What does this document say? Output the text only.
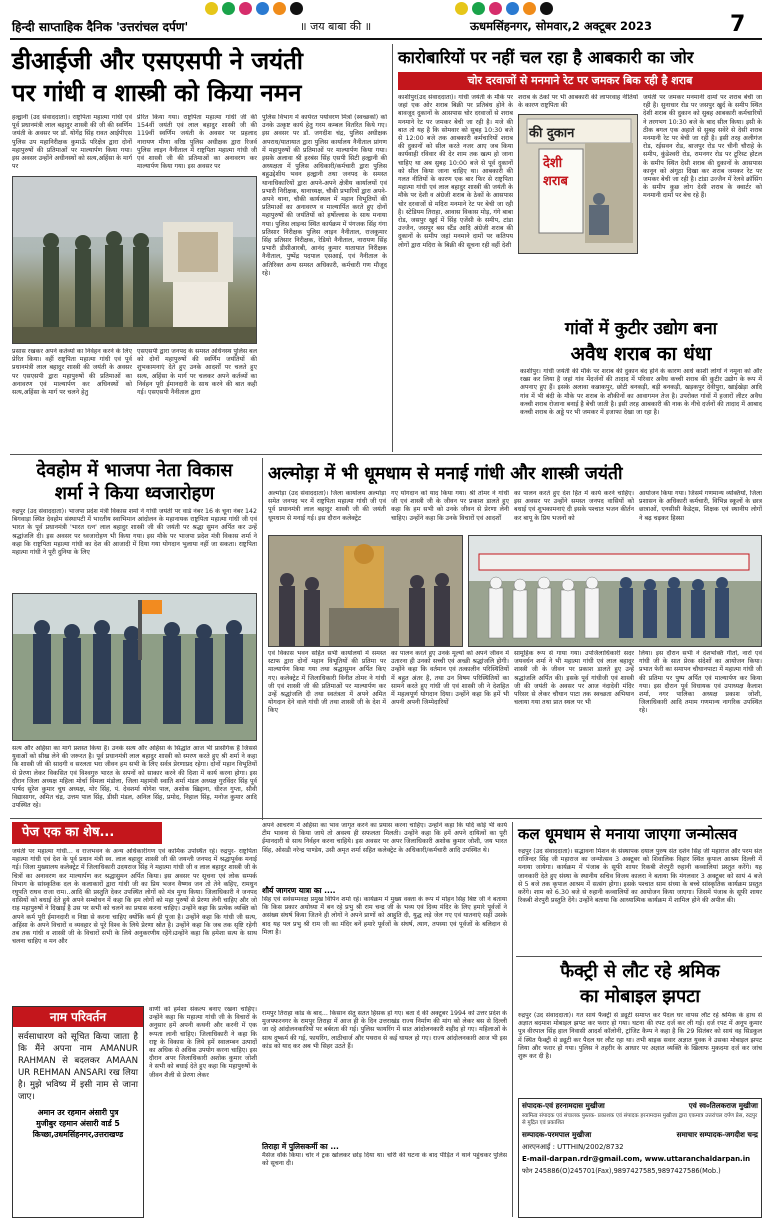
हिन्दी साप्ताहिक दैनिक 'उत्तरांचल दर्पण'	॥ जय बाबा की ॥	ऊधमसिंहनगर, सोमवार,2 अक्टूबर 2023	7
डीआईजी और एसएसपी ने जयंती
पर गांधी व शास्त्री को किया नमन
हल्द्वानी (उद संवाददाता)। राष्ट्रपिता महात्मा गांधी एवं पूर्व प्रधानमंत्री लाल बहादुर शास्त्री की जी की स्वर्णिम जयंती के अवसर पर डॉ. योगेंद्र सिंह रावत आईपीएस पुलिस उप महानिरीक्षक कुमाऊँ परिक्षेत्र द्वारा दोनों महापुरुषों की प्रतिमाओं पर माल्यार्पण किया गया। इस अवसर उन्होंने अधीनस्थों को सत्य,अहिंसा के मार्ग पर
प्रेरित किया गया। राष्ट्रपिता महात्मा गांधी जी की 154वीं जयंती एवं लाल बहादुर शास्त्री जी की 119वीं स्वर्णिम जयंती के अवसर पर प्रहलाद नारायण मीणा वरिष्ठ पुलिस अधीक्षक द्वारा रिजर्व पुलिस लाइन नैनीताल में राष्ट्रपिता महात्मा गांधी जी एवं शास्त्री जी की प्रतिमाओं का अनावरण कर माल्यार्पण किया गया। इस अवसर पर
पुलिस विभाग में कार्यरत पर्यावरण मित्रों (स्वच्छकों) को उनके उत्कृष्ट कार्य हेतु गरम कम्बल वितरित किये गए। इस अवसर पर डॉ. जगदीश चंद्र, पुलिस अधीक्षक अपराध/यातायात द्वारा पुलिस कार्यालय नैनीताल प्रांगण में महापुरुषों की प्रतिमाओं पर माल्यार्पण किया गया। इसके अलावा श्री हरबंस सिंह एसपी सिटी हल्द्वानी की अध्यक्षता में पुलिस अधिकारी/कर्मचारी द्वारा पुलिस बहुउद्देशीय भवन हल्द्वानी तथा जनपद के समस्त थानाधिकारियों द्वारा अपने-अपने क्षेत्रीय कार्यालयों एवं प्रभारी निरीक्षक, थानाध्यक्ष, चौकी प्रभारियों द्वारा अपने-अपने थाना, चौकी कार्यस्थल में महान विभूतियों की प्रतिमाओं का अनावरण व माल्यार्पित करते हुए दोनों महापुरुषों की जयंतियों को हर्षोल्लास के साथ मनाया गया। पुलिस लाइन्स स्थित कार्यक्रम में पंगजक सिंह गंगा प्रतिसार निरीक्षक पुलिस लाइन नैनीताल, राजकुमार सिंह प्रतिसार निरीक्षक, रेडियो नैनीताल, नारायण सिंह प्रभारी डीसीआरबी, आनंद कुमार यातायात निरीक्षक नैनीताल, पुष्पेंद्र पदपाल एसआई, एवं नैनीताल के अतिरिक्त अन्य समस्त अधिकारी, कर्मचारी गण मौजूद रहे।
प्रसास रखकर अपने कर्तव्यों का निर्वहन करने के लिए प्रेरित किया। वहीं राष्ट्रपिता महात्मा गांधी एवं पूर्व प्रधानमंत्री लाल बहादुर शास्त्री की जयंती के अवसर पर एसएसपी द्वारा महापुरुषों की प्रतिमाओं का अनावरण एवं माल्यार्पण कर अधिनस्थों को सत्य,अहिंसा के मार्ग पर चलने हेतु
एसएसपी द्वारा जनपद के समस्त अधिनस्थ पुलिस बल को दोनों महापुरुषों की स्वर्णिम जयंतियों की शुभकामनाएं देते हुए उनके आदर्शों पर चलते हुए सत्य, अहिंसा के मार्ग पर चलकर अपने कर्तव्यों का निर्वहन पूरी ईमानदारी के साथ करने की बात कही गई। एसएसपी नैनीताल द्वारा
कारोबारियों पर नहीं चल रहा है आबकारी का जोर
चोर दरवाजों से मनमाने रेट पर जमकर बिक रही है शराब
शराब के ठेकों पर भी आबकारी की लापरवाह नीतियों के कारण राष्ट्रपिता की
की दुकान
देशी शराब
काशीपुर(उद संवाददाता)। गांधी जयंती के मौके पर जहां एक ओर शराब बिक्री पर प्रतिबंध होने के बावजूद दुकानों के आसपास चोर दरवाजों से शराब मनमाने रेट पर जमकर बेची जा रही है। मजे की बात तो यह है कि सोमवार को सुबह 10:30 बजे से 12:00 बजे तक आबकारी कर्मचारियों शराब की दुकानों को सील करते नजर आए जब किया कार्यवाही रविवार की देर शाम तक खत्म हो जाना चाहिए था अब सुबह 10:00 बजे से पूर्व दुकानों को सील किया जाना चाहिए था। आबकारी की गलत नीतियों के कारण एक बार फिर से राष्ट्रपिता महात्मा गांधी एवं लाल बहादुर शास्त्री की जयंती के मौके पर देशी व अंग्रेजी शराब के ठेकों के आसपास चोर दरवाजों से मदिरा मनमाने रेट पर बेची जा रही है। स्टेडियम तिराहा, आवास विकास मोड़, गंगे बाबा रोड, जसपुर खुर्द में सिंह एजेंसी के समीप, टांडा उज्जैन, जसपुर बस स्टैंड आदि अंग्रेजी शराब की दुकानों के समीप जहां मनमाने दामों पर कतिपय लोगों द्वारा मदिरा के बिक्री की सूचना रही वहीं देशी
जयंती पर जमकर मनमानी दामों पर शराब बेची जा रही है। सुनाधार रोड पर जसपुर खुर्द के समीप स्थित देशी शराब की दुकान को सुबह आबकारी कर्मचारियों ने तरगभग 10:30 बजे के बाद सील किया। इसी के ठीक बगल एक अहाते से सुबह सवेरे से देसी शराब मनमानी रेट पर बेची जा रही है। इसी तरह अलीगंज रोड, रईसवन रोड, बाजपुर रोड पर चीनी चौराहे के समीप, कुंडेश्वरी रोड, रामनगर रोड पर टूरिस्ट होटल के समीप स्थित देसी शराब की दुकानों के आसपास कानून को अंगूठा दिखा कर शराब जमकर रेट पर जमकर बेची जा रही है। टांडा उज्जैन में रेलवे क्रॉसिंग के समीप कुछ लोग देसी शराब के क्वार्टर को मनमानी दामों पर बेच रहे हैं।
गांवों में कुटीर उद्योग बना
अवैध शराब का धंधा
काशीपुर। गांधी जयंती की मौके पर शराब की दुकान बंद होने के कारण आधे काशी लोगों ने नमूना को और रख्स कर लिया है जहां गांव मेंदर्जनों की तादाद में परिवार अवैध कच्ची शराब की कुटीर उद्योग के रूप में अपनाए हुए हैं। इसके अलावा कन्नाकपुर, छोटी बनकड़ी, बड़ी बनकड़ी, खड़कपुर देवीपुरा, खाईखेड़ा आदि गांव में भी बंदी के मौके पर शराब के शौकीनों का आवागमन तेज है। उपरोक्त गांवों में हजारों लीटर अवैध कच्ची शराब रोजाना बनाई है बेची जाती है। इसी तरह आबकारी की नाक के नीचे दर्जनों की तादाद में आबाद कच्ची शराब के अड्डे पर भी जमकर में इजाफा देखा जा रहा है।
देवहोम में भाजपा नेता विकास
शर्मा ने किया ध्वजारोहण
रुद्रपुर (उद संवाददाता)। भाजपा प्रदेश मंत्री विकास शर्मा ने गांधी जयंती पर वार्ड नंबर 16 के चूना नंबर 142 बिगवाड़ा स्थित देवहोम संस्थापटी में भारतीय स्वाभिमान आंदोलन के महानायक राष्ट्रपिता महात्मा गांधी जी एवं भारत के पूर्व प्रधानमंत्री 'भारत रत्न' लाल बहादुर शास्त्री जी की जयंती पर श्रद्धा सुमन अर्पित कर उन्हें श्रद्धांजलि दी। इस अवसर पर ध्वजारोहण भी किया गया। इस मौके पर भाजपा प्रदेश मंत्री विकास शर्मा ने कहा कि राष्ट्रपिता महात्मा गांधी का देश की आजादी में दिया गया योगदान भुलाया नहीं जा सकता। राष्ट्रपिता महात्मा गांधी ने पूरी दुनिया के लिए
सत्य और अहिंसा का मार्ग प्रशस्त किया है। उनके सत्य और अहिंसा के सिद्धांत आज भी प्रासंगिक हैं जिससे युवाओं को सीख लेने की जरूरत है। पूर्व प्रधानमंत्री लाल बहादुर शास्त्री को स्मरण करते हुए श्री शर्मा ने कहा कि शास्त्री जी की सादगी व सरलता भरा जीवन हम सभी के लिए सर्वत्र प्रेरणाप्रद रहेगा। दोनों महान विभूतियों से प्रेरणा लेकर विकसित एवं विश्वगुरु भारत के सपनों को साकार करने की दिशा में कार्य करना होगा। इस दौरान जिला अध्यक्ष महिला मोर्चा विमला मंडोला, जिला महामंत्री स्वाति शर्मा मंडल अध्यक्ष गुरविंदर सिंह पूर्व पार्षद सुरेश कुमार चुघ अध्यक्ष, मोर सिंह, पं. देवशर्मा योगेश पाल, अशोक खिद्दाना, धीरज गुप्ता, सौवी विद्यासागर, अमित चंद्र, उत्तम पाल सिंह, डीसी मंडल, अनिल सिंह, प्रमोद, निहाल सिंह, मनोज कुमार आदि उपस्थित रहे।
अल्मोड़ा में भी धूमधाम से मनाई गांधी और शास्त्री जयंती
अल्मोड़ा (उद संवाददाता)। जिला कार्यालय अल्मोड़ा समेत जनपद भर में राष्ट्रपिता महात्मा गांधी जी एवं पूर्व प्रधानमंत्री लाल बहादुर शास्त्री जी की जयंती धूमधाम से मनाई गई। इस दौरान कलेक्ट्रेट
गए योगदान को याद किया गया। श्री तोमर ने गांधी जी एवं शास्त्री जी के जीवन पर प्रकाश डालते हुए कहा कि हम सभी को उनके जीवन से प्रेरणा लेनी चाहिए। उन्होंने कहा कि उनके विचारों एवं आदर्शों
का पालन करते हुए देश हित में कार्य करने चाहिए। इस अवसर पर उन्होंने समस्त जनपद वासियों को बधाई एवं शुभकामनाएं दी इसके पश्चात भजन कीर्तन कर बापू के प्रिय भजनों को
आयोजन किया गया। जिसमें गणमान्य व्यक्तियों, जिला प्रशासन के अधिकारी कर्मचारी, विभिन्न स्कूलों के छात्र छात्राओं, एनसीसी कैडेट्स, शिक्षक एवं स्थानीय लोगों ने बढ़ चढ़कर हिस्सा
एवं विकास भवन सहित सभी कार्यालयों में समस्त स्टाफ द्वारा दोनों महान विभूतियों की प्रतिमा पर माल्यार्पण किया गया तथा श्रद्धासुमन अर्पित किए गए। कलेक्ट्रेट में जिलाधिकारी विनीत तोमर ने गांधी जी एवं शास्त्री जी की प्रतिमाओं पर माल्यार्पण कर उन्हें श्रद्धांजलि दी तथा स्वतंत्रता में अपने अमित योगदान देने वाले गांधी जी तथा शास्त्री जी के देश में किए
का पालन करते हुए उनके मूल्यों को अपने जीवन में उतारना ही उनको सच्ची एवं अच्छी श्रद्धांजलि होगी। उन्होंने कहा कि वर्तमान एवं तत्कालीन परिस्थितियों में बहुत अंतर है, तथा उन विषम परिस्थितियों का सामने करते हुए गांधी जी एवं शास्त्री जी ने देशहित में महत्वपूर्ण योगदान दिया। उन्होंने कहा कि हमें भी अपनी अपनी जिम्मेदारियों
सामूहिक रूप से गाया गया। उपजिलाधिकारी सदर जयवर्धन शर्मा ने भी महात्मा गांधी एवं लाल बहादुर शास्त्री जी के जीवन पर प्रकाश डालते हुए उन्हें श्रद्धांजलि अर्पित की। इसके पूर्व गांधीजी एवं शास्त्री जी की जयंती के अवसर पर आज नंदादेवी मंदिर परिसर से लेकर चौघान पाटा तक स्वच्छता अभियान चलाया गया तथा प्रात स्थल पर भी
लिया। इस दौरान सभी ने देशभक्ति गीतों, नारों एवं गांधी जी के सात प्रेरक संदेशों का आयोजन किया। प्रभात फेरी का समापन चौघानपाटा में महात्मा गांधी जी की प्रतिमा पर पुष्प अर्पित एवं माल्यार्पण कर किया गया। इस दौरान पूर्व विधायक एवं उपाध्यक्ष कैलाश शर्मा, नगर पालिका अध्यक्ष प्रकाश जोशी, जिलाधिकारी आदि तमाम गणमान्य नागरिक उपस्थित रहे।
पेज एक का शेष...
जयंती पर महात्मा गांधी... व राजभवन के अन्य अधिकारीगण एवं कार्मिक उपस्थित रहे। रुद्रपुर- राष्ट्रपिता महात्मा गांधी एवं देश के पूर्व प्रधान मंत्री स्व. लाल बहादुर शास्त्री जी की जयन्ती जनपद में श्रद्धापूर्वक मनाई गई। जिला मुख्यालय कलेक्ट्रेट में जिलाधिकारी उदयराज सिंह ने महात्मा गांधी जी व लाल बहादुर शास्त्री जी के चित्रों का अनावरण कर माल्यार्पण कर श्रद्धासुमन अर्पित किया। इस अवसर पर सूचना एवं लोक सम्पर्क विभाग के सांस्कृतिक दल के कलाकारों द्वारा गांधी जी का प्रिय भजन वैष्णव जन तो तेने कहिए, रामधुन रघुपति राघव राजा राम।..आदि की प्रस्तुति देकर उपस्थित लोगों को मंत्र मुग्ध किया। जिलाधिकारी ने जनपद वासियों को बधाई देते हुये अपने सम्बोधन में कहा कि हम लोगों को महा पुरुषों से प्रेरणा लेनी चाहिए और जो राह महापुरुषों ने दिखाई है उस पर सभी को चलने का प्रयास करना चाहिए। उन्होंने कहा कि प्रत्येक व्यक्ति को अपने कर्म पूरी ईमानदारी व निष्ठा से करना चाहिए क्योंकि कर्म ही पूजा है। उन्होंने कहा कि गांधी जी सत्य, अहिंसा के अपने विचारों व व्यवहार से पूरे विश्व के लिये प्रेरणा स्रोत है। उन्होंने कहा कि जब तक सृष्टि रहेगी तब तक गांधी व शास्त्री जी के विचारों सभी के लिये अनुकरणीय रहेंगे।उन्होंने कहा कि हमेशा सत्य के साथ चलना चाहिए व मन और
अपने आचरण में अहिंसा का भाव जागृत करने का प्रयास करना चाहिए। उन्होंने कहा कि यदि कोई भी कार्य टीम भावना से किया जाये तो अवश्य ही सफलता मिलती। उन्होंने कहा कि हमें अपने दायित्वों का पूरी ईमानदारी से साथ निर्वहन करना चाहिये। इस अवसर पर अपर जिलाधिकारी अशोक कुमार जोशी, जय भारत सिंह, ओसडी नरेन्द्र पाण्डेय, उसी अमृत शर्मा सहित कलेक्ट्रेट के अधिकारी/कर्मचारी आदि उपस्थित थे।
शौर्य जागरण यात्रा का ....
सिंह एवं सर्वसम्मवक्ष प्रमुख विपिन शर्मा रहे। कार्यक्रम में मुख्य वक्ता के रूप में मोहन सिंह बिष्ट जी ने बताया कि किस प्रकार अयोध्या में बन रहे प्रभु श्री राम चन्द्र जी के भव्य एवं दिव्य मंदिर के लिए हमारे पूर्वजों ने असंख्य संघर्ष किया जितने ही लोगों ने अपने प्राणों को आहुति दी, युद्ध लड़े जेल गए एवं यातनाएं सहीं उसके बाद यह पल प्रभु श्री राम जी का मंदिर बनें हमारे पूर्वजों के संघर्ष, त्याग, तपस्या एवं पूर्वजों के बलिदान से मिला है।
नाम परिवर्तन
सर्वसाधारण को सूचित किया जाता है कि मैंने अपना नाम AMANUR RAHMAN से बदलकर AMAAN UR REHMAN ANSARI रख लिया है। मुझे भविष्य में इसी नाम से जाना जाए।
अमान उर रहमान अंसारी पुत्र
मुजीबुर रहमान अंसारी वार्ड 5
किच्छा,उधमसिंहनगर,उत्तराखण्ड
वाणी को हमेशा संकल्प बनाए रखना चाहिए। उन्होंने कहा कि महात्मा गांधी जी के विचारों के अनुसार हमें अपनी कथनी और करनी में एक रूपता लानी चाहिए। जिलाधिकारी ने कहा कि राष्ट्र के विकास के लिये हमें स्वालम्बन उत्पादों का अधिक से अधिक उपयोग करना चाहिए। इस दौरान अपर जिलाधिकारी अशोक कुमार जोशी ने सभी को बधाई देते हुए कहा कि महापुरुषों के जीवन शैली से प्रेरणा लेकर
रामपुर तिराहा कांड के बाद... किसान सेतु सतत हिंसक हो गए। बता दें की अक्टूबर 1994 को उत्तर प्रदेश के मुजफ्फरनगर के रामपुर तिराहा में आज ही के दिन उत्तराखंड राज्य निर्माण की मांग को लेकर बस से दिल्ली जा रहे आंदोलनकारियों पर बर्बरता की गई। पुलिस फायरिंग में सात आंदोलनकारी शहीद हो गए। महिलाओं के साथ दुष्कर्म की गई, फायरिंग, लाठीचार्ज और पथराव से कई घायल हो गए। राज्य आंदोलनकारी आज भी इस कांड को याद कर अब भी सिहर उठते हैं।
तिराहा में पुलिसकर्मी का ...
मैसेज वॉर्क किया। चोर ने ट्रक खोलकर छोड़ दिया था। चोरी की घटना के बाद पीड़ित ने थाने पहुंचकर पुलिस को सूचना दी।
कल धूमधाम से मनाया जाएगा जन्मोत्सव
रुद्रपुर (उद संवाददाता)। सद्भावना मिशन के संस्थापक दयाल पुरुष संत दर्शन सिंह जी महाराज और परम संत राजिन्दर सिंह जी महाराज का जन्मोत्सव 3 अक्टूबर को शिवालिक विहार स्थित कृपाल आश्रम दिल्ली में मनाया जायेगा। कार्यक्रम में पंजाब के सूफी शायर रिकबी शेरपुरी रुहानी कव्वालियां प्रस्तुत करेंगे। यह जानकारी देते हुए संस्था के स्थानीय सचिव विजय कालरा ने बताया कि मंगलवार 3 अक्टूबर को सायं 4 बजे से 5 बजे तक कृपाल आश्रम में सत्संग होगा। इसके पश्चात साम संध्या के बच्चे सांस्कृतिक कार्यक्रम प्रस्तुत करेंगे। शाम को 6.30 बजे से रुहानी कव्वालियों का आयोजन किया जाएगा। जिसमें पंजाब के सूफी शायर रिकबी शेरपुरी प्रस्तुति देंगे। उन्होंने बताया कि आध्यात्मिक कार्यक्रम में शामिल होने की अपील की।
फैक्ट्री से लौट रहे श्रमिक
का मोबाइल झपटा
रुद्रपुर (उद संवाददाता)। गत सायं फैक्ट्री से ड्यूटी समाप्त कर पैदल घर वापस लौट रहे श्रमिक के हाथ से अज्ञात बदमाश मोबाइल झपट कर फरार हो गया। घटना की रपट दर्ज कर ली गई। दर्ज रपट में अनूप कुमार पुत्र वीरपाल सिंह हाल निवासी आदर्श कॉलोनी, ट्रांजिट कैम्प ने कहा है कि 29 सितंबर को सायं वह सिडकुल में स्थित फैक्ट्री से ड्यूटी कर पैदल घर लौट रहा था। तभी बाइक सवार अज्ञात युवक ने उसका मोबाइल झपट लिया और फरार हो गया। पुलिस ने तहरीर के आधार पर अज्ञात व्यक्ति के खिलाफ मुकदमा दर्ज कर जांच शुरू कर दी है।
संपादक-एवं हरनामदास मुखीजा	एवं स्व०तिलकराज मुखीजा
स्वामित्व संपादक एवं संचालक पुस्तक- प्रकाशक एवं संपादक हरनामदास मुखीजा द्वारा एकमात्र उत्तरांचल दर्पण प्रेस, रुद्रपुर से मुद्रित एवं प्रकाशित
सम्पादक-परमपाल मुखीजा	समाचार सम्पादक-जगदीश चन्द्र
आरएनआई : UTTHIN/2002/8732
E-mail-darpan.rdr@gmail.com, www.uttaranchaldarpan.in
फोन 245886(O)245701(Fax),9897427585,9897427586(Mob.)
